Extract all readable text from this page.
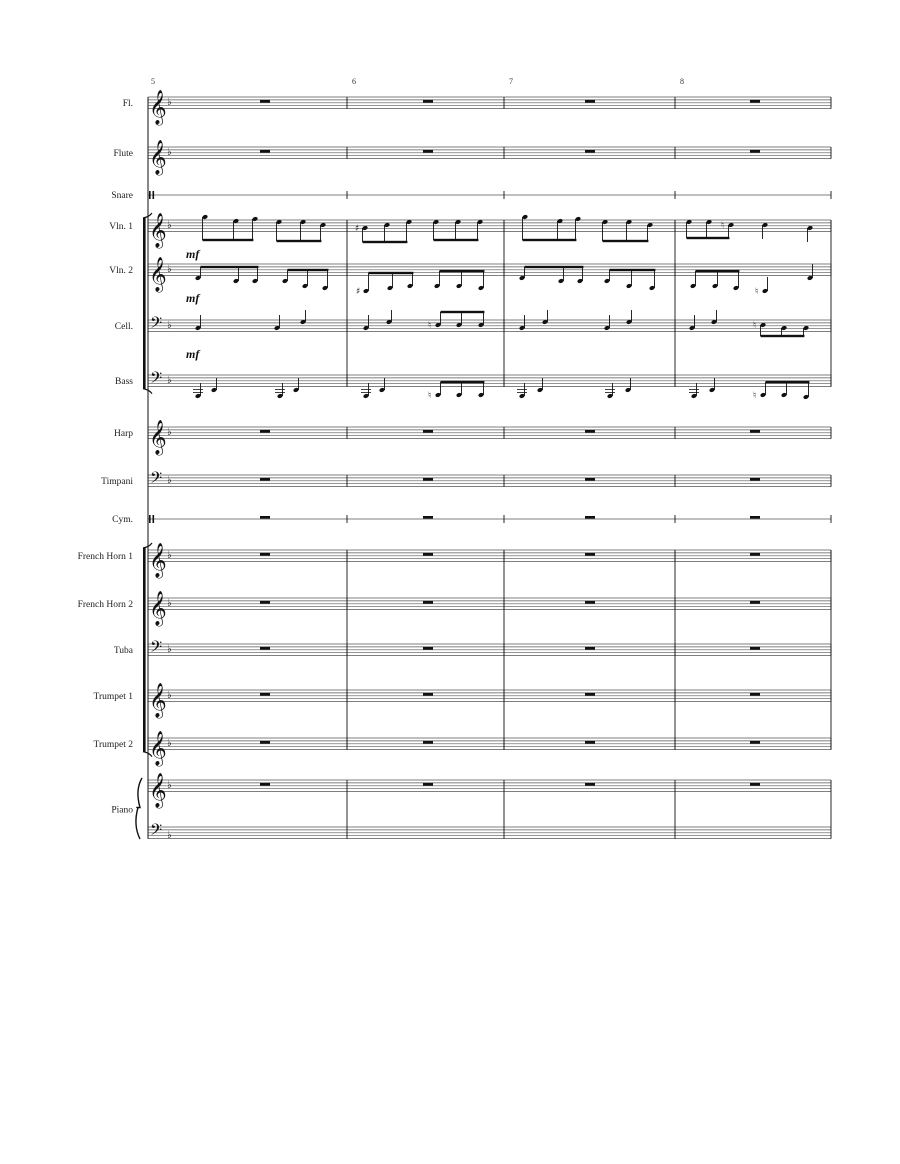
5	6	7	8
𝄞 ♭
Fl.
𝄞 ♭
Flute
Snare
𝄞 ♭
Vln. 1
mf
𝄞 ♭
Vln. 2
mf
𝄢 ♭
Cell.
mf
𝄢 ♭
Bass
𝄞 ♭
Harp
𝄢 ♭
Timpani
Cym.
𝄞 ♭
French Horn 1
𝄞 ♭
French Horn 2
𝄢 ♭
Tuba
𝄞 ♭
Trumpet 1
𝄞 ♭
Trumpet 2
𝄞
𝄢
♭
♭
Piano
♯	♮
♯	♮
♮	♮
♮	♮
